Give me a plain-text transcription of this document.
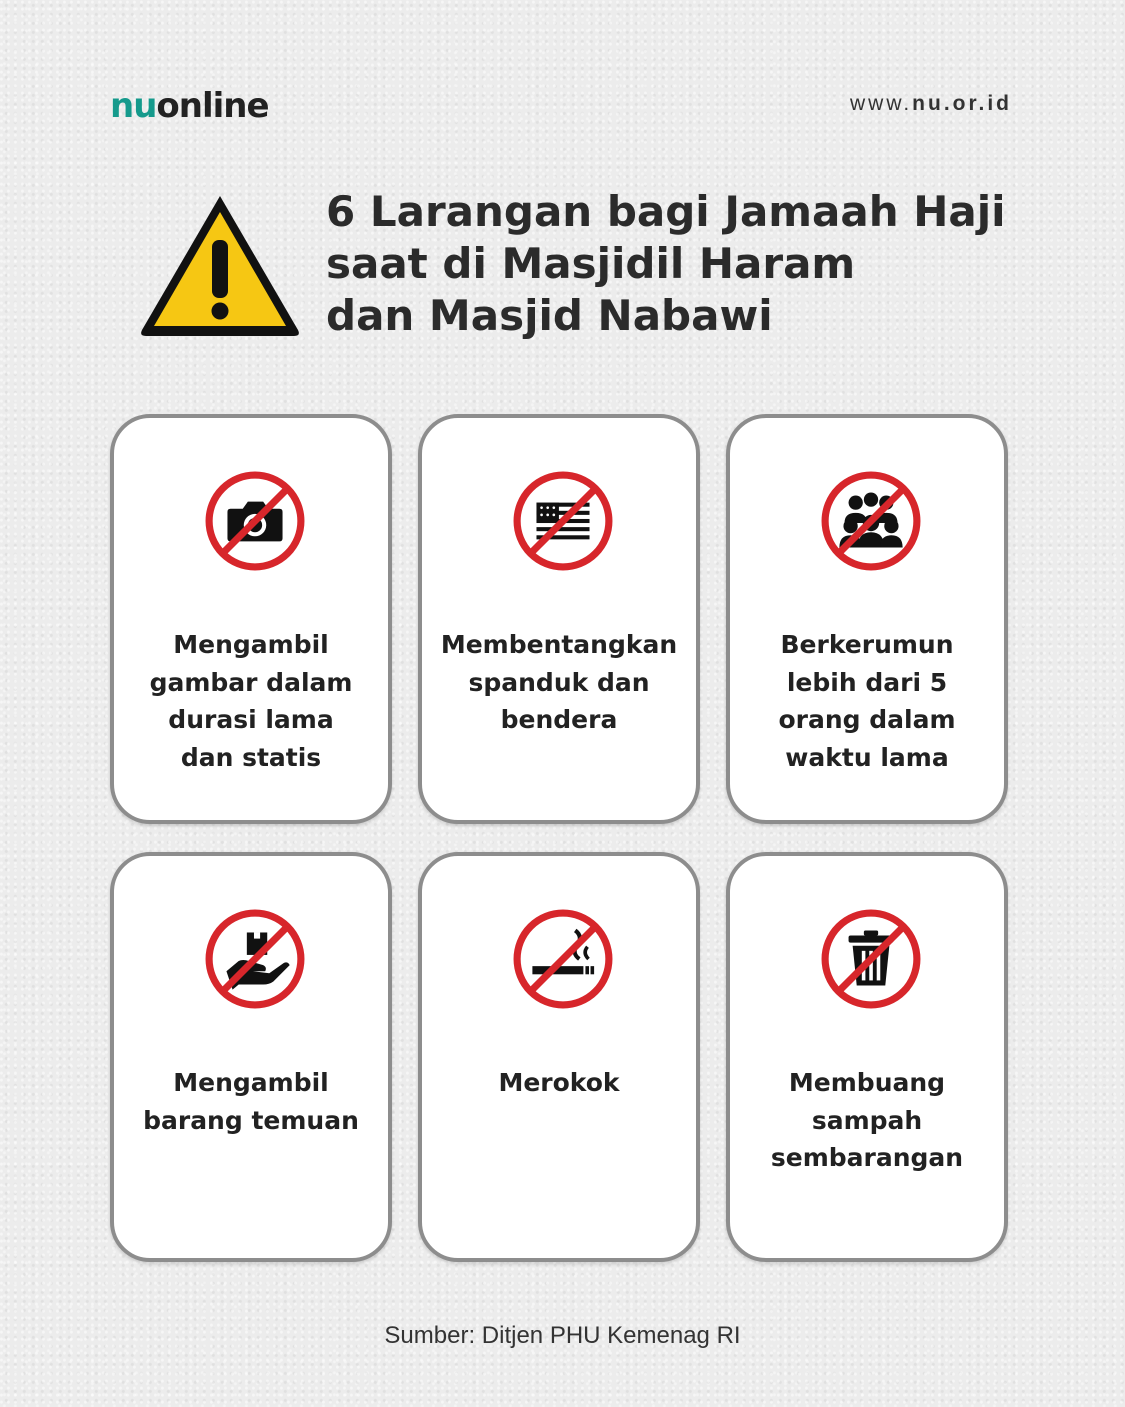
nuonline	www.nu.or.id
6 Larangan bagi Jamaah Haji
saat di Masjidil Haram
dan Masjid Nabawi
Mengambil
gambar dalam
durasi lama
dan statis
Membentangkan
spanduk dan
bendera
Berkerumun
lebih dari 5
orang dalam
waktu lama
Mengambil
barang temuan
Merokok	Membuang
sampah
sembarangan
Sumber: Ditjen PHU Kemenag RI
